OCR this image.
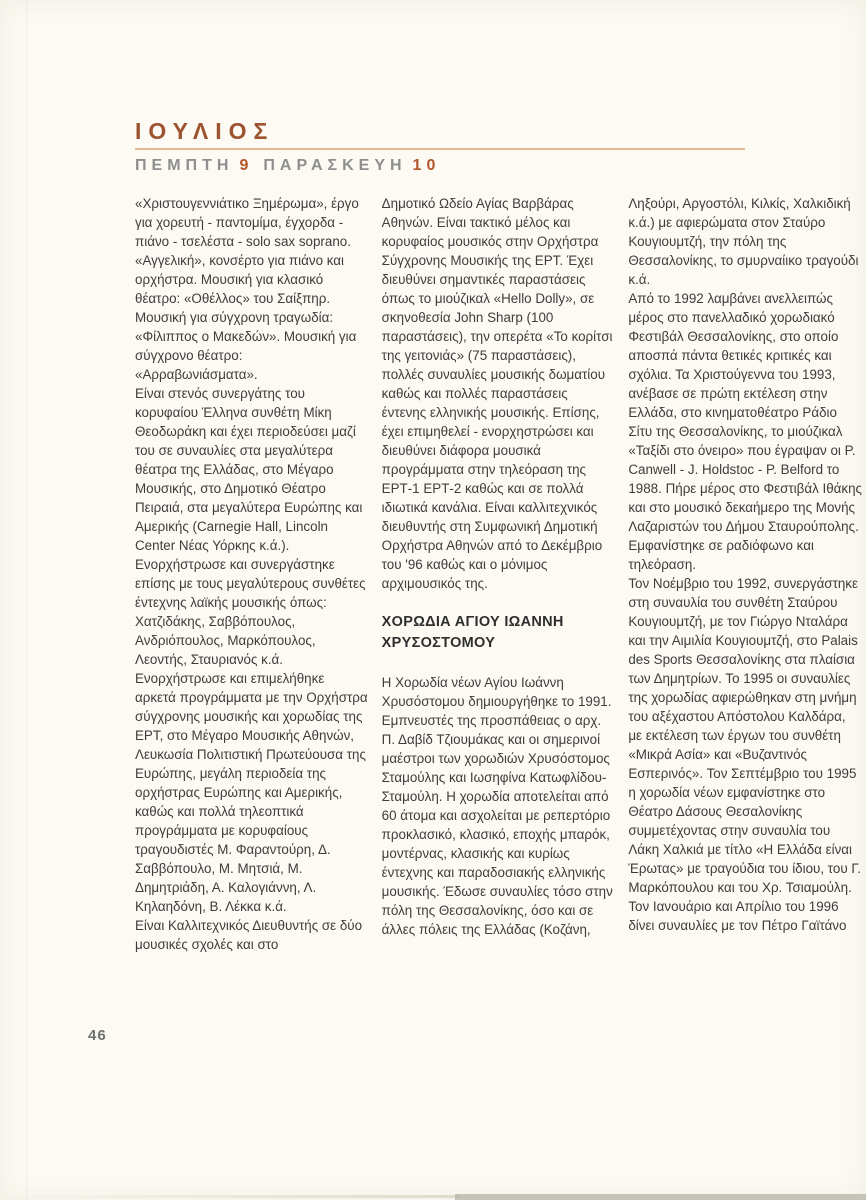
ΙΟΥΛΙΟΣ
ΠΕΜΠΤΗ 9 ΠΑΡΑΣΚΕΥΗ 10

«Χριστουγεννιάτικο Ξημέρωμα», έργο για χορευτή - παντομίμα, έγχορδα - πιάνο - τσελέστα - solo sax soprano. «Αγγελική», κονσέρτο για πιάνο και ορχήστρα. Μουσική για κλασικό θέατρο: «Οθέλλος» του Σαίξπηρ. Μουσική για σύγχρονη τραγωδία: «Φίλιππος ο Μακεδών». Μουσική για σύγχρονο θέατρο: «Αρραβωνιάσματα».

Είναι στενός συνεργάτης του κορυφαίου Έλληνα συνθέτη Μίκη Θεοδωράκη και έχει περιοδεύσει μαζί του σε συναυλίες στα μεγαλύτερα θέατρα της Ελλάδας, στο Μέγαρο Μουσικής, στο Δημοτικό Θέατρο Πειραιά, στα μεγαλύτερα Ευρώπης και Αμερικής (Carnegie Hall, Lincoln Center Νέας Υόρκης κ.ά.).

Ενορχήστρωσε και συνεργάστηκε επίσης με τους μεγαλύτερους συνθέτες έντεχνης λαϊκής μουσικής όπως: Χατζιδάκης, Σαββόπουλος, Ανδριόπουλος, Μαρκόπουλος, Λεοντής, Σταυριανός κ.ά.

Ενορχήστρωσε και επιμελήθηκε αρκετά προγράμματα με την Ορχήστρα σύγχρονης μουσικής και χορωδίας της ΕΡΤ, στο Μέγαρο Μουσικής Αθηνών, Λευκωσία Πολιτιστική Πρωτεύουσα της Ευρώπης, μεγάλη περιοδεία της ορχήστρας Ευρώπης και Αμερικής, καθώς και πολλά τηλεοπτικά προγράμματα με κορυφαίους τραγουδιστές Μ. Φαραντούρη, Δ. Σαββόπουλο, Μ. Μητσιά, Μ. Δημητριάδη, Α. Καλογιάννη, Λ. Κηλαηδόνη, Β. Λέκκα κ.ά.

Είναι Καλλιτεχνικός Διευθυντής σε δύο μουσικές σχολές και στο

Δημοτικό Ωδείο Αγίας Βαρβάρας Αθηνών. Είναι τακτικό μέλος και κορυφαίος μουσικός στην Ορχήστρα Σύγχρονης Μουσικής της ΕΡΤ. Έχει διευθύνει σημαντικές παραστάσεις όπως το μιούζικαλ «Hello Dolly», σε σκηνοθεσία John Sharp (100 παραστάσεις), την οπερέτα «Το κορίτσι της γειτονιάς» (75 παραστάσεις), πολλές συναυλίες μουσικής δωματίου καθώς και πολλές παραστάσεις έντενης ελληνικής μουσικής. Επίσης, έχει επιμηθελεί - ενορχηστρώσει και διευθύνει διάφορα μουσικά προγράμματα στην τηλεόραση της ΕΡΤ-1 ΕΡΤ-2 καθώς και σε πολλά ιδιωτικά κανάλια. Είναι καλλιτεχνικός διευθυντής στη Συμφωνική Δημοτική Ορχήστρα Αθηνών από το Δεκέμβριο του '96 καθώς και ο μόνιμος αρχιμουσικός της.

ΧΟΡΩΔΙΑ ΑΓΙΟΥ ΙΩΑΝΝΗ ΧΡΥΣΟΣΤΟΜΟΥ

Η Χορωδία νέων Αγίου Ιωάννη Χρυσόστομου δημιουργήθηκε το 1991. Εμπνευστές της προσπάθειας ο αρχ. Π. Δαβίδ Τζιουμάκας και οι σημερινοί μαέστροι των χορωδιών Χρυσόστομος Σταμούλης και Ιωσηφίνα Κατωφλίδου-Σταμούλη. Η χορωδία αποτελείται από 60 άτομα και ασχολείται με ρεπερτόριο προκλασικό, κλασικό, εποχής μπαρόκ, μοντέρνας, κλασικής και κυρίως έντεχνης και παραδοσιακής ελληνικής μουσικής. Έδωσε συναυλίες τόσο στην πόλη της Θεσσαλονίκης, όσο και σε άλλες πόλεις της Ελλάδας (Κοζάνη,

Ληξούρι, Αργοστόλι, Κιλκίς, Χαλκιδική κ.ά.) με αφιερώματα στον Σταύρο Κουγιουμτζή, την πόλη της Θεσσαλονίκης, το σμυρναίικο τραγούδι κ.ά.

Από το 1992 λαμβάνει ανελλειπώς μέρος στο πανελλαδικό χορωδιακό Φεστιβάλ Θεσσαλονίκης, στο οποίο αποσπά πάντα θετικές κριτικές και σχόλια. Τα Χριστούγεννα του 1993, ανέβασε σε πρώτη εκτέλεση στην Ελλάδα, στο κινηματοθέατρο Ράδιο Σίτυ της Θεσσαλονίκης, το μιούζικαλ «Ταξίδι στο όνειρο» που έγραψαν οι P. Canwell - J. Holdstoc - P. Belford το 1988. Πήρε μέρος στο Φεστιβάλ Ιθάκης και στο μουσικό δεκαήμερο της Μονής Λαζαριστών του Δήμου Σταυρούπολης. Εμφανίστηκε σε ραδιόφωνο και τηλεόραση.

Τον Νοέμβριο του 1992, συνεργάστηκε στη συναυλία του συνθέτη Σταύρου Κουγιουμτζή, με τον Γιώργο Νταλάρα και την Αιμιλία Κουγιουμτζή, στο Palais des Sports Θεσσαλονίκης στα πλαίσια των Δημητρίων. Το 1995 οι συναυλίες της χορωδίας αφιερώθηκαν στη μνήμη του αξέχαστου Απόστολου Καλδάρα, με εκτέλεση των έργων του συνθέτη «Μικρά Ασία» και «Βυζαντινός Εσπερινός». Τον Σεπτέμβριο του 1995 η χορωδία νέων εμφανίστηκε στο Θέατρο Δάσους Θεσαλονίκης συμμετέχοντας στην συναυλία του Λάκη Χαλκιά με τίτλο «Η Ελλάδα είναι Έρωτας» με τραγούδια του ίδιου, του Γ. Μαρκόπουλου και του Χρ. Τσιαμούλη.

Τον Ιανουάριο και Απρίλιο του 1996 δίνει συναυλίες με τον Πέτρο Γαϊτάνο

46
